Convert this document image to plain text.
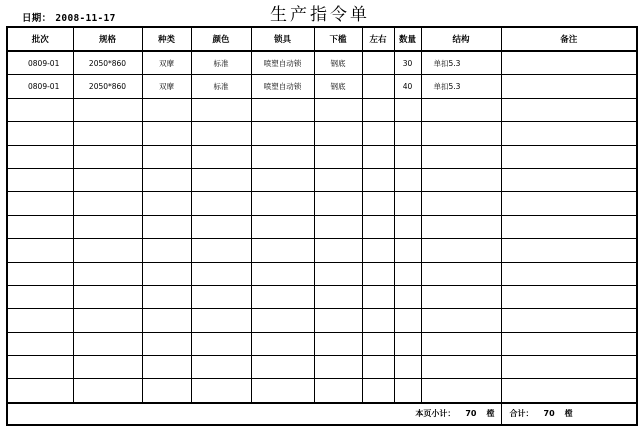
日期： 2008-11-17	生产指令单
批次	规格	种类	颜色	锁具	下槛	左右	数量	结构	备注
0809-01	2050*860	双摩	标准	喷塑自动锁	钢底		30	单扣5.3	
0809-01	2050*860	双摩	标准	喷塑自动锁	钢底		40	单扣5.3	

本页小计： 70 樘									合计： 70 樘
